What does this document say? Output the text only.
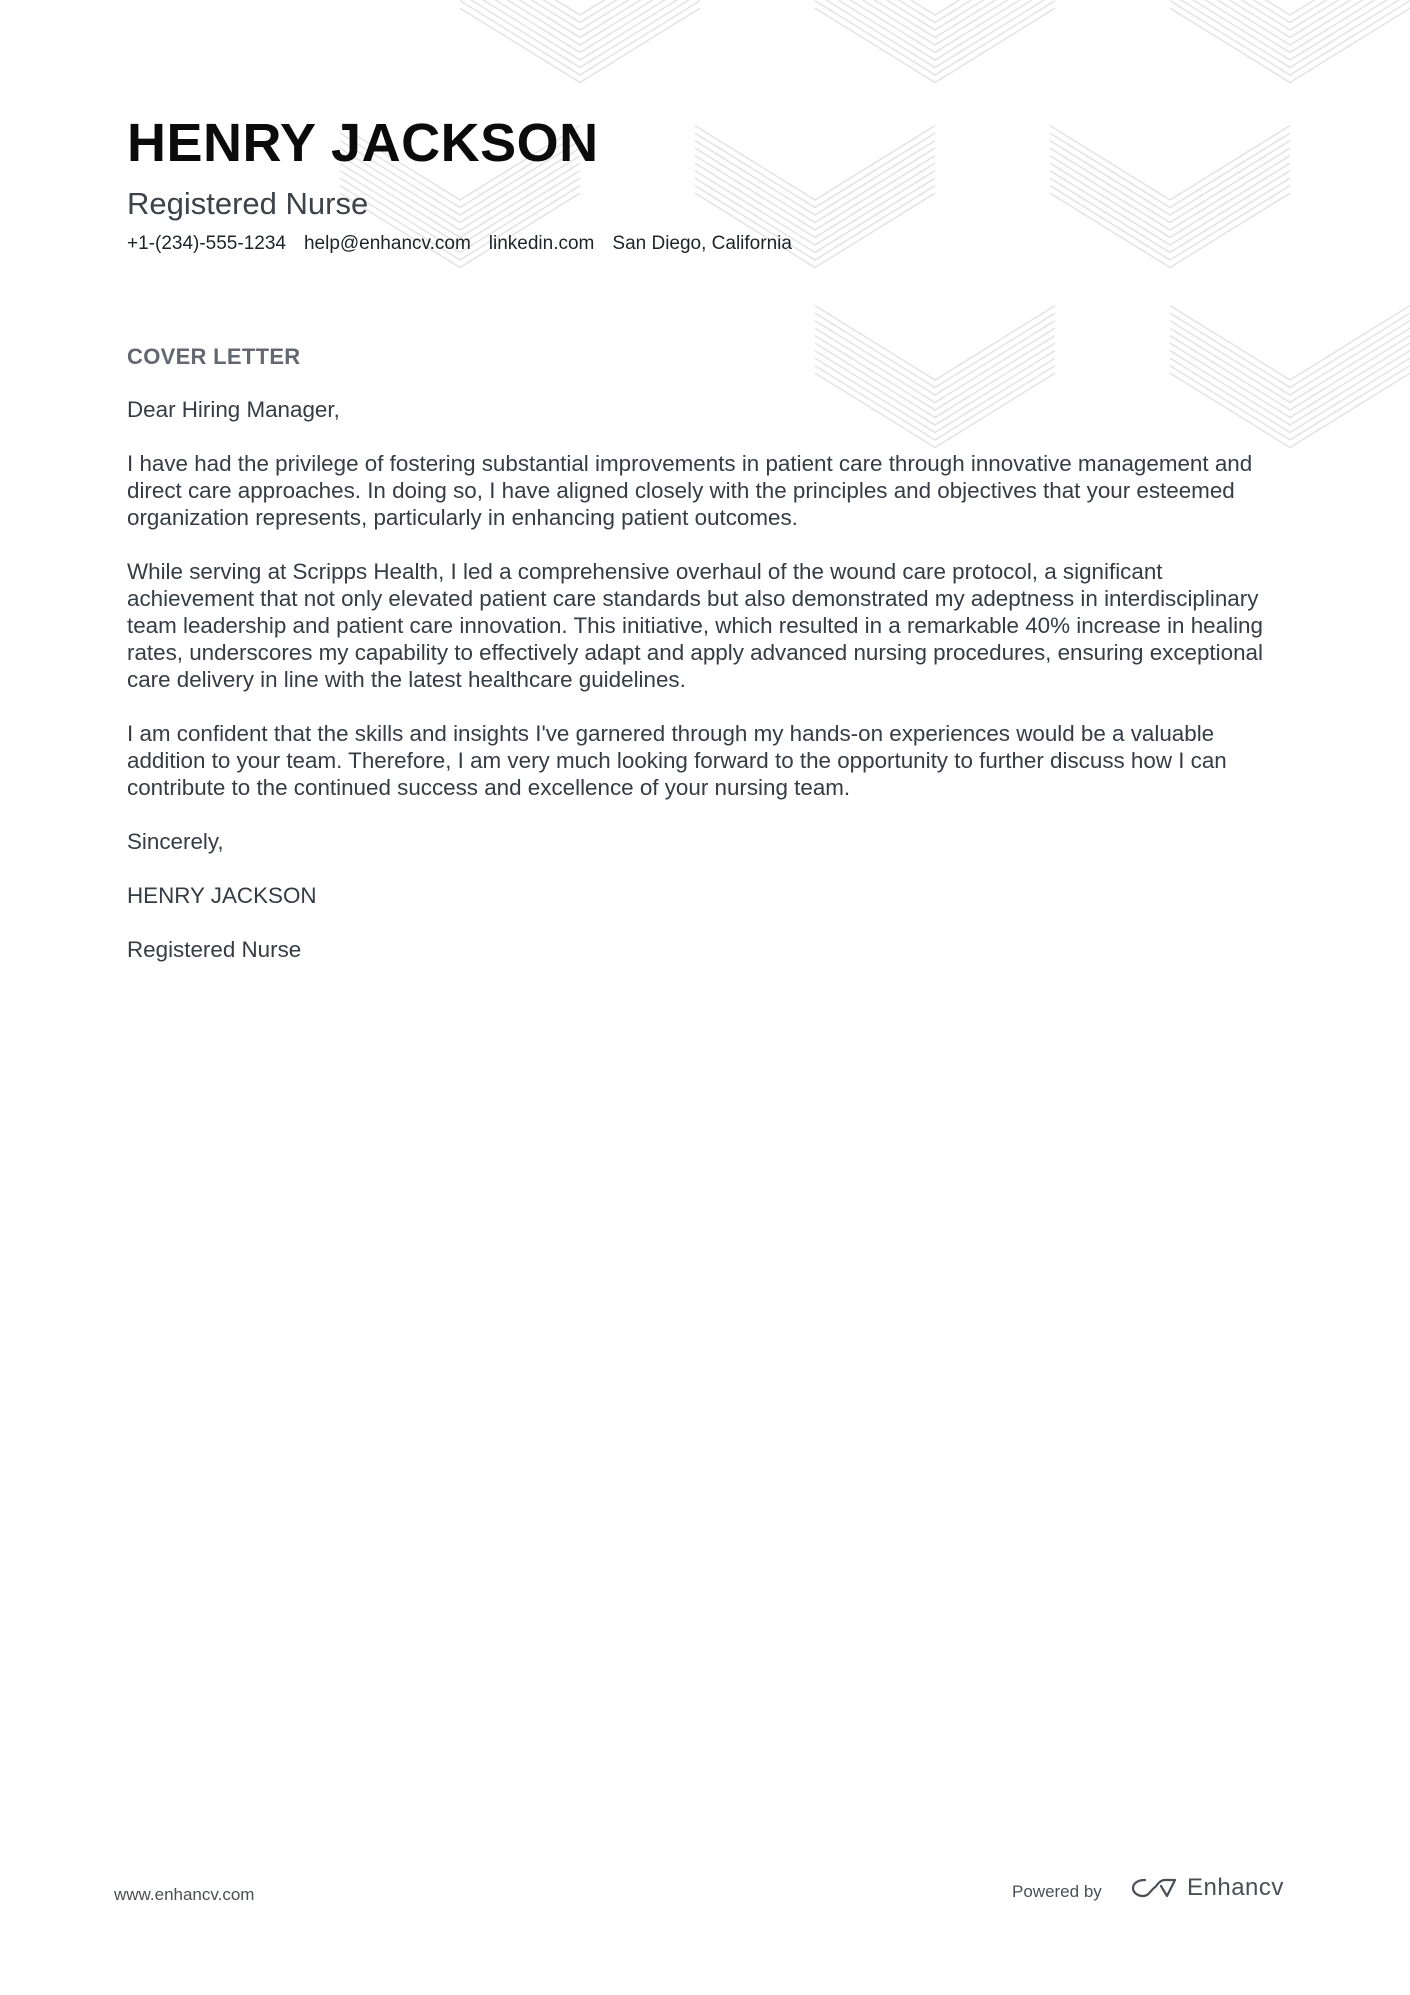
HENRY JACKSON
Registered Nurse
+1-(234)-555-1234 help@enhancv.com linkedin.com San Diego, California
COVER LETTER

Dear Hiring Manager,

I have had the privilege of fostering substantial improvements in patient care through innovative management and direct care approaches. In doing so, I have aligned closely with the principles and objectives that your esteemed organization represents, particularly in enhancing patient outcomes.

While serving at Scripps Health, I led a comprehensive overhaul of the wound care protocol, a significant achievement that not only elevated patient care standards but also demonstrated my adeptness in interdisciplinary team leadership and patient care innovation. This initiative, which resulted in a remarkable 40% increase in healing rates, underscores my capability to effectively adapt and apply advanced nursing procedures, ensuring exceptional care delivery in line with the latest healthcare guidelines.

I am confident that the skills and insights I've garnered through my hands-on experiences would be a valuable addition to your team. Therefore, I am very much looking forward to the opportunity to further discuss how I can contribute to the continued success and excellence of your nursing team.

Sincerely,

HENRY JACKSON

Registered Nurse

www.enhancv.com	Powered by	Enhancv
